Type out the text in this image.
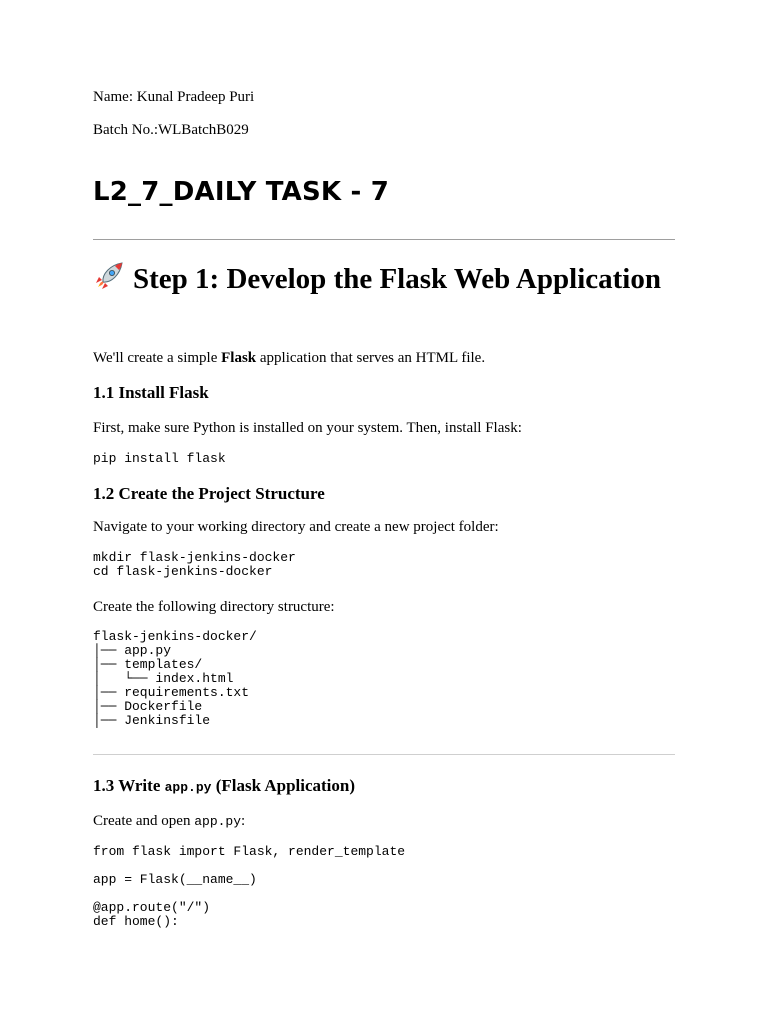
Name: Kunal Pradeep Puri
Batch No.:WLBatchB029
L2_7_DAILY TASK - 7
Step 1: Develop the Flask Web Application
We'll create a simple Flask application that serves an HTML file.
1.1 Install Flask
First, make sure Python is installed on your system. Then, install Flask:
pip install flask
1.2 Create the Project Structure
Navigate to your working directory and create a new project folder:
mkdir flask-jenkins-docker
cd flask-jenkins-docker
Create the following directory structure:
flask-jenkins-docker/
│── app.py
│── templates/
│   └── index.html
│── requirements.txt
│── Dockerfile
│── Jenkinsfile
1.3 Write app.py (Flask Application)
Create and open app.py:
from flask import Flask, render_template

app = Flask(__name__)

@app.route("/")
def home():
